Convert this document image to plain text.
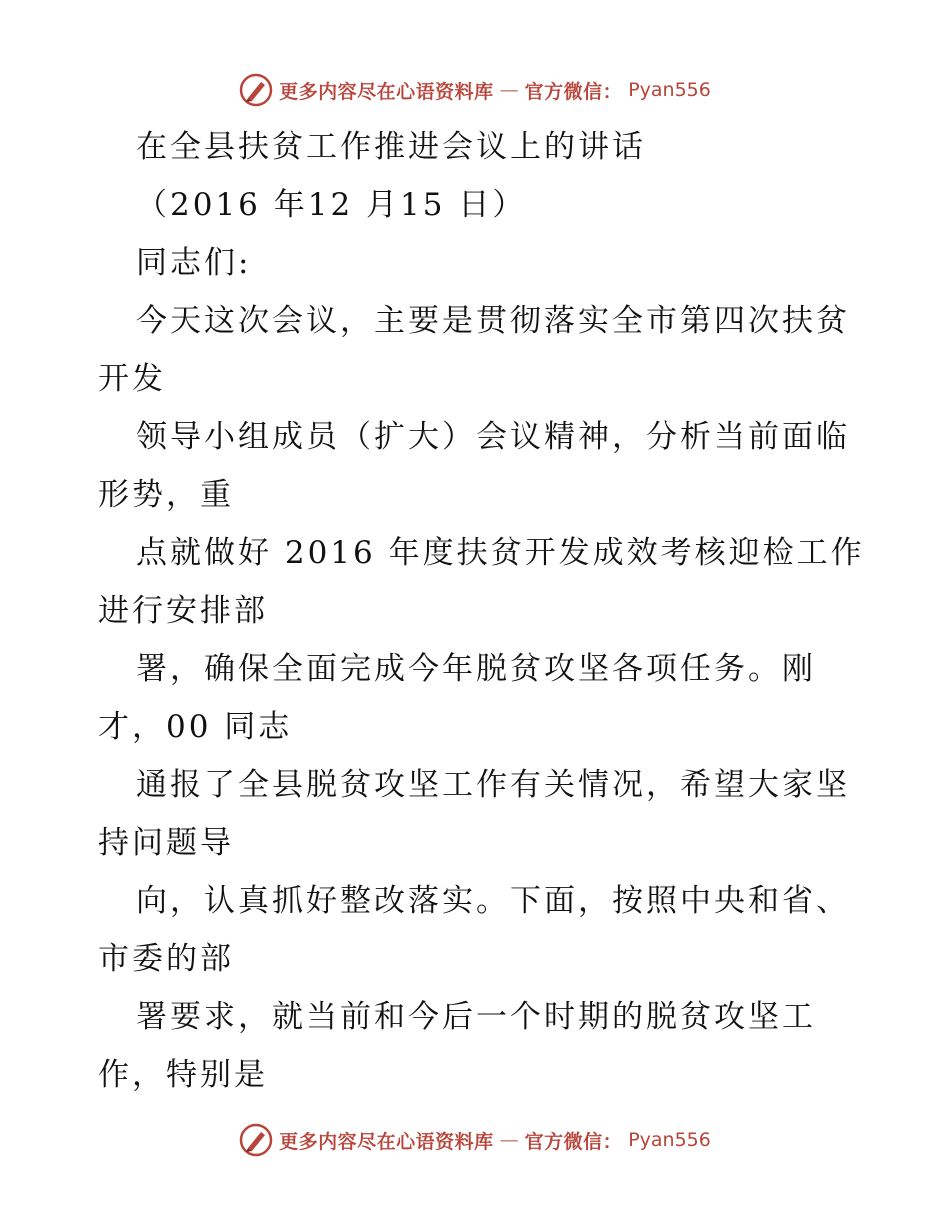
更多内容尽在心语资料库 — 官方微信： Pyan556
在全县扶贫工作推进会议上的讲话
（2016 年12 月15 日）
同志们:
今天这次会议，主要是贯彻落实全市第四次扶贫
开发
领导小组成员（扩大）会议精神，分析当前面临
形势，重
点就做好 2016 年度扶贫开发成效考核迎检工作
进行安排部
署，确保全面完成今年脱贫攻坚各项任务。刚
才，00 同志
通报了全县脱贫攻坚工作有关情况，希望大家坚
持问题导
向，认真抓好整改落实。下面，按照中央和省、
市委的部
署要求，就当前和今后一个时期的脱贫攻坚工
作，特别是
更多内容尽在心语资料库 — 官方微信： Pyan556
